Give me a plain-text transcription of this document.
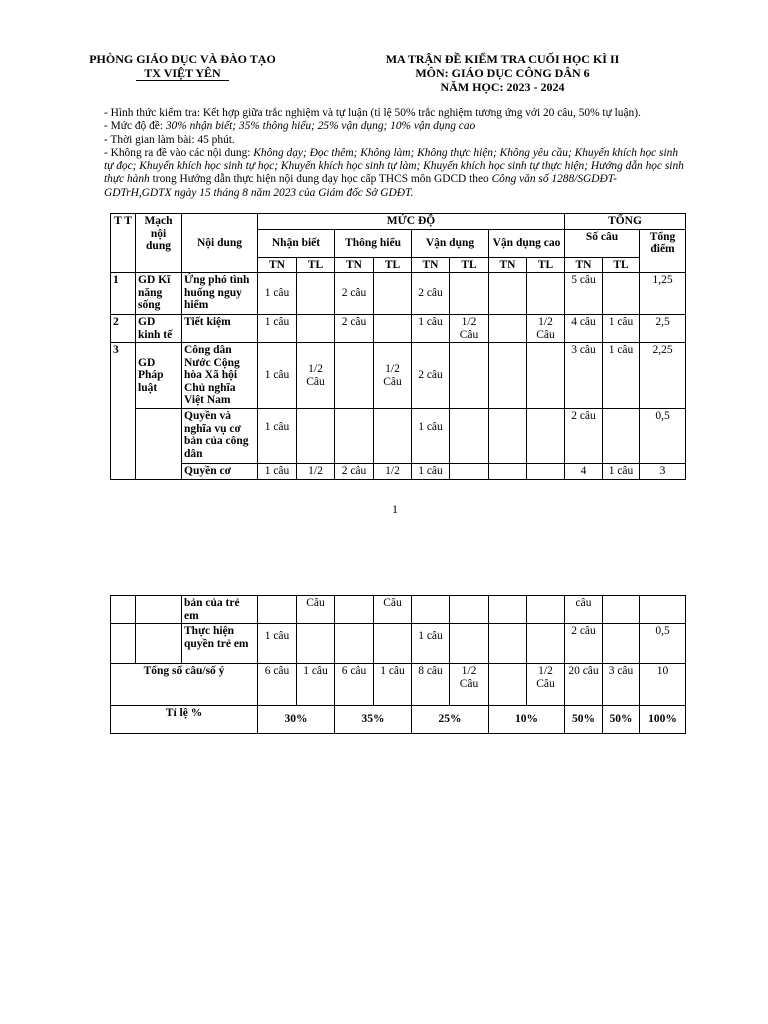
PHÒNG GIÁO DỤC VÀ ĐÀO TẠO
TX VIỆT YÊN
MA TRẬN ĐỀ KIỂM TRA CUỐI HỌC KÌ II
MÔN: GIÁO DỤC CÔNG DÂN 6
NĂM HỌC: 2023 - 2024

- Hình thức kiểm tra: Kết hợp giữa trắc nghiệm và tự luận (tỉ lệ 50% trắc nghiệm tương ứng với 20 câu, 50% tự luận).

- Mức độ đề: 30% nhận biết; 35% thông hiểu; 25% vận dụng; 10% vận dụng cao

- Thời gian làm bài: 45 phút.

- Không ra đề vào các nội dung: Không dạy; Đọc thêm; Không làm; Không thực hiện; Không yêu cầu; Khuyến khích học sinh tự đọc; Khuyến khích học sinh tự học; Khuyến khích học sinh tự làm; Khuyến khích học sinh tự thực hiện; Hướng dẫn học sinh thực hành trong Hướng dẫn thực hiện nội dung dạy học cấp THCS môn GDCD theo Công văn số 1288/SGDĐT-GDTrH,GDTX ngày 15 tháng 8 năm 2023 của Giám đốc Sở GDĐT.

T T	Mạch nội dung	Nội dung	MỨC ĐỘ								TỔNG		
			Nhận biết		Thông hiểu		Vận dụng		Vận dụng cao		Số câu		Tổng điểm
			TN	TL	TN	TL	TN	TL	TN	TL	TN	TL	
1	GD Kĩ năng sống	Ứng phó tình huống nguy hiểm	1 câu		2 câu		2 câu				5 câu		1,25
2	GD kinh tế	Tiết kiệm	1 câu		2 câu		1 câu	1/2 Câu		1/2 Câu	4 câu	1 câu	2,5
3	GD Pháp luật	Công dân Nước Cộng hòa Xã hội Chủ nghĩa Việt Nam	1 câu	1/2 Câu		1/2 Câu	2 câu				3 câu	1 câu	2,25
		Quyền và nghĩa vụ cơ bản của công dân	1 câu				1 câu				2 câu		0,5
		Quyền cơ	1 câu	1/2	2 câu	1/2	1 câu				4	1 câu	3
1
		bản của trẻ em		Câu		Câu					câu		
		Thực hiện quyền trẻ em	1 câu				1 câu				2 câu		0,5
Tổng số câu/số ý			6 câu	1 câu	6 câu	1 câu	8 câu	1/2 Câu		1/2 Câu	20 câu	3 câu	10
Tỉ lệ %			30%		35%		25%		10%		50%	50%	100%
